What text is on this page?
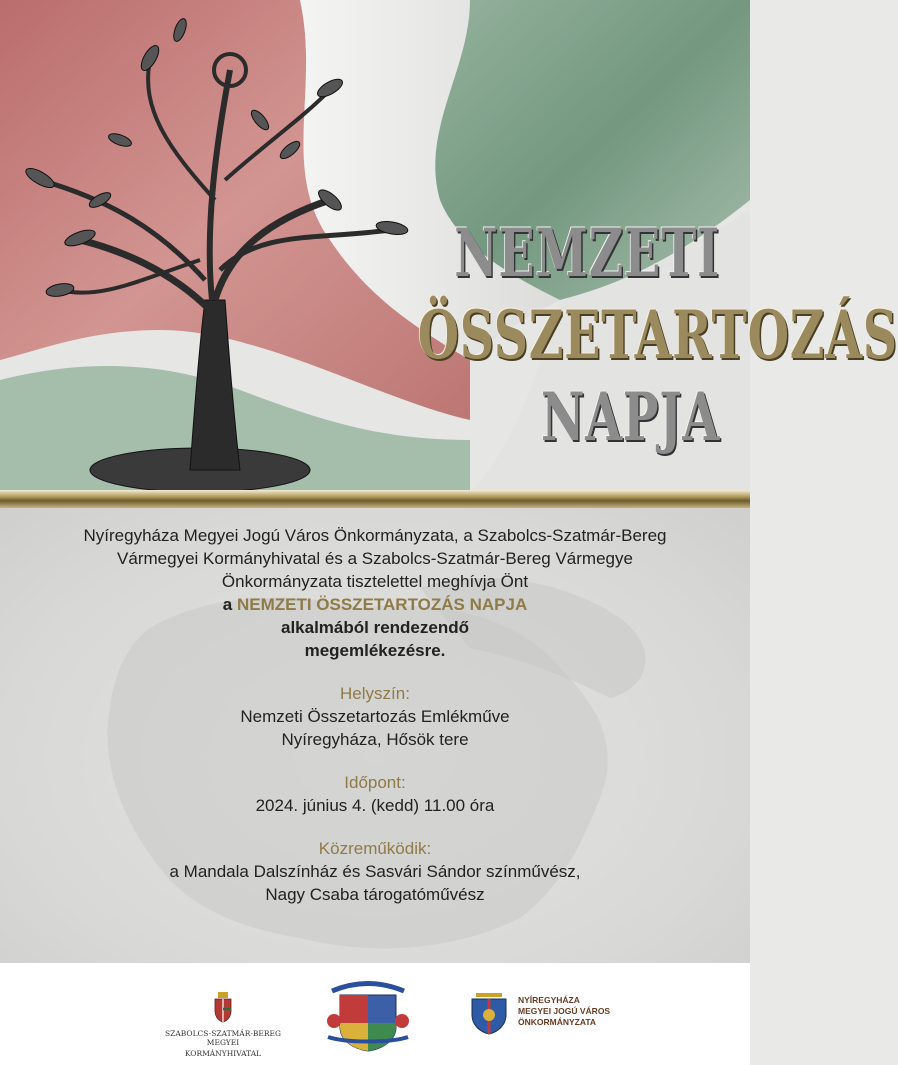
NEMZETI
ÖSSZETARTOZÁS
NAPJA

Nyíregyháza Megyei Jogú Város Önkormányzata, a Szabolcs-Szatmár-Bereg

Vármegyei Kormányhivatal és a Szabolcs-Szatmár-Bereg Vármegye

Önkormányzata tisztelettel meghívja Önt

a NEMZETI ÖSSZETARTOZÁS NAPJA

alkalmából rendezendő

megemlékezésre.

Helyszín:

Nemzeti Összetartozás Emlékműve

Nyíregyháza, Hősök tere

Időpont:

2024. június 4. (kedd) 11.00 óra

Közreműködik:

a Mandala Dalszínház és Sasvári Sándor színművész,

Nagy Csaba tárogatóművész

SZABOLCS-SZATMÁR-BEREG MEGYEI
KORMÁNYHIVATAL
NYÍREGYHÁZA
MEGYEI JOGÚ VÁROS
ÖNKORMÁNYZATA
